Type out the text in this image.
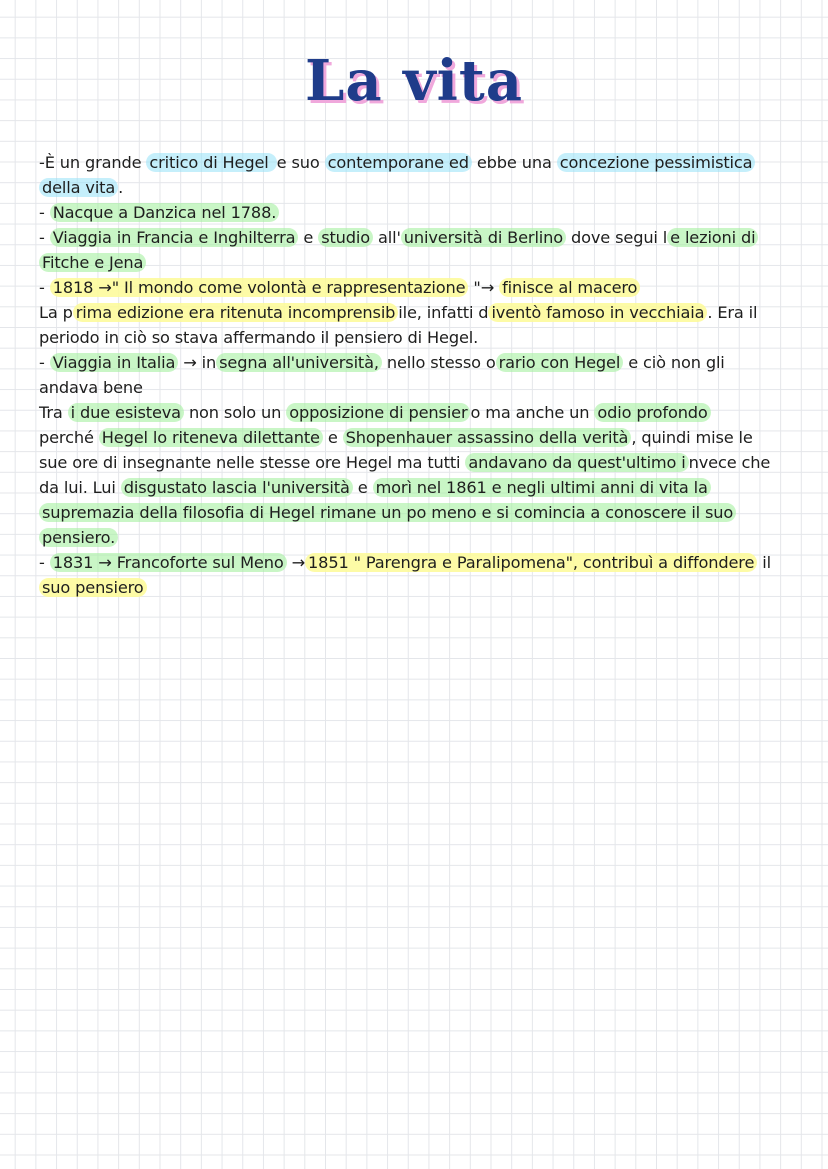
La vita
-È un grande critico di Hegel e suo contemporane ed ebbe una concezione pessimistica
della vita .
- Nacque a Danzica nel 1788.
- Viaggia in Francia e Inghilterra e studio all' università di Berlino dove segui l e lezioni di
Fitche e Jena
- 1818 →" Il mondo come volontà e rappresentazione "→ finisce al macero
La p rima edizione era ritenuta incomprensib ile, infatti d iventò famoso in vecchiaia . Era il
periodo in ciò so stava affermando il pensiero di Hegel.
- Viaggia in Italia → in segna all'università, nello stesso o rario con Hegel e ciò non gli
andava bene
Tra i due esisteva non solo un opposizione di pensier o ma anche un odio profondo
perché Hegel lo riteneva dilettante e Shopenhauer assassino della verità , quindi mise le
sue ore di insegnante nelle stesse ore Hegel ma tutti andavano da quest'ultimo i nvece che
da lui. Lui disgustato lascia l'università e morì nel 1861 e negli ultimi anni di vita la
supremazia della filosofia di Hegel rimane un po meno e si comincia a conoscere il suo
pensiero.
- 1831 → Francoforte sul Meno → 1851 " Parengra e Paralipomena", contribuì a diffondere il
suo pensiero
